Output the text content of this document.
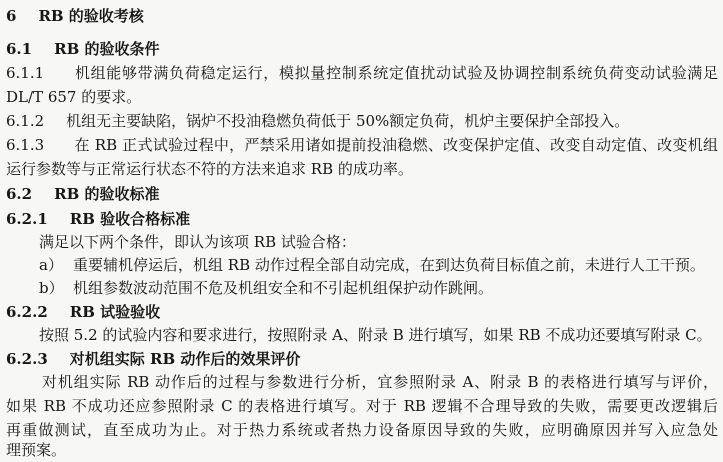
6 RB 的验收考核
6.1 RB 的验收条件
6.1.1 机组能够带满负荷稳定运行，模拟量控制系统定值扰动试验及协调控制系统负荷变动试验满足
DL/T 657 的要求。
6.1.2 机组无主要缺陷，锅炉不投油稳燃负荷低于 50%额定负荷，机炉主要保护全部投入。
6.1.3 在 RB 正式试验过程中，严禁采用诸如提前投油稳燃、改变保护定值、改变自动定值、改变机组
运行参数等与正常运行状态不符的方法来追求 RB 的成功率。
6.2 RB 的验收标准
6.2.1 RB 验收合格标准
满足以下两个条件，即认为该项 RB 试验合格：
a） 重要辅机停运后，机组 RB 动作过程全部自动完成，在到达负荷目标值之前，未进行人工干预。
b） 机组参数波动范围不危及机组安全和不引起机组保护动作跳闸。
6.2.2 RB 试验验收
按照 5.2 的试验内容和要求进行，按照附录 A、附录 B 进行填写，如果 RB 不成功还要填写附录 C。
6.2.3 对机组实际 RB 动作后的效果评价
对机组实际 RB 动作后的过程与参数进行分析，宜参照附录 A、附录 B 的表格进行填写与评价，
如果 RB 不成功还应参照附录 C 的表格进行填写。对于 RB 逻辑不合理导致的失败，需要更改逻辑后
再重做测试，直至成功为止。对于热力系统或者热力设备原因导致的失败，应明确原因并写入应急处
理预案。
